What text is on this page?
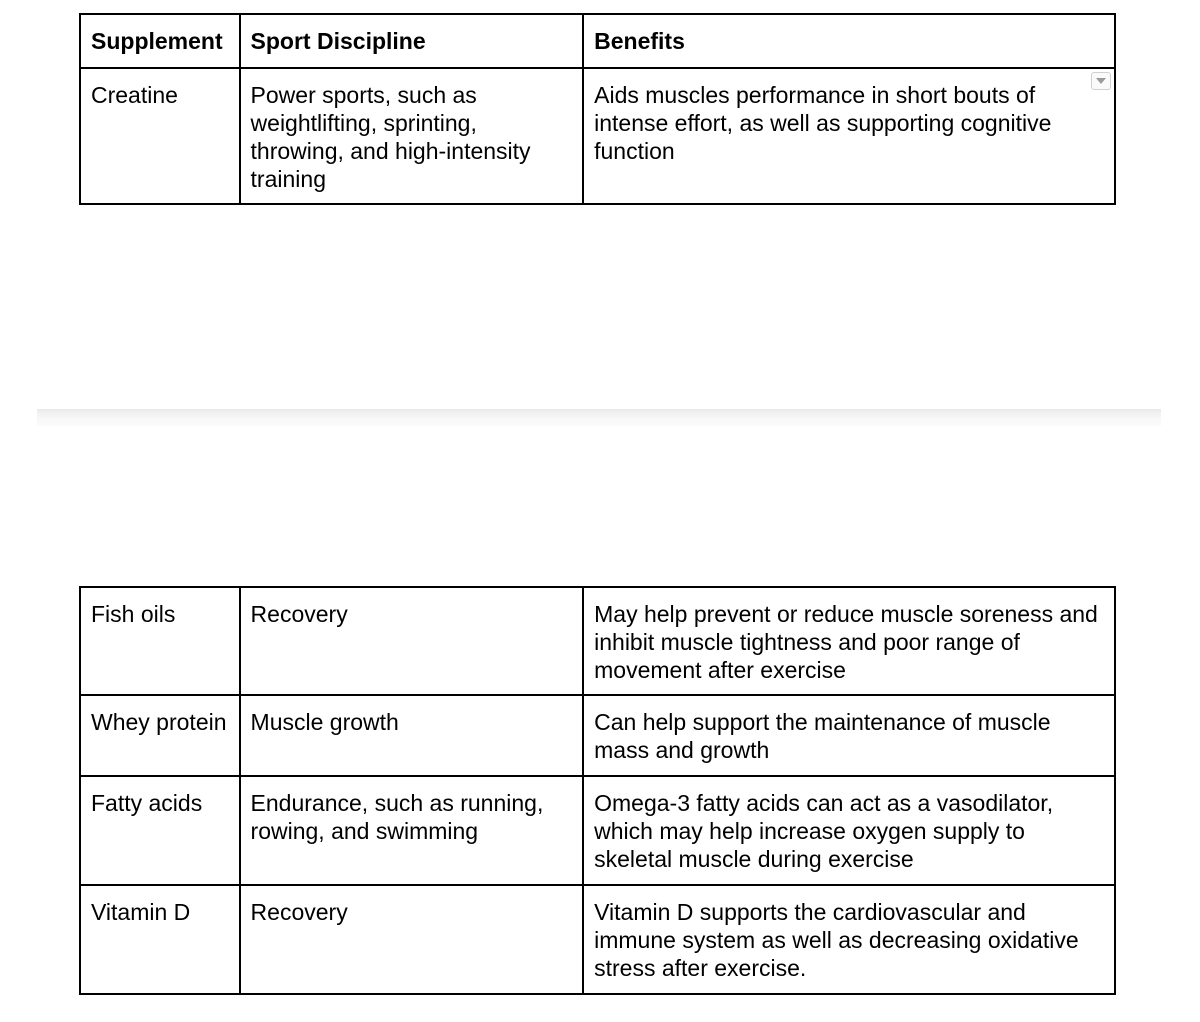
Supplement	Sport Discipline	Benefits
Creatine	Power sports, such as weightlifting, sprinting, throwing, and high-intensity training	Aids muscles performance in short bouts of intense effort, as well as supporting cognitive function
Fish oils	Recovery	May help prevent or reduce muscle soreness and inhibit muscle tightness and poor range of movement after exercise
Whey protein	Muscle growth	Can help support the maintenance of muscle mass and growth
Fatty acids	Endurance, such as running, rowing, and swimming	Omega-3 fatty acids can act as a vasodilator, which may help increase oxygen supply to skeletal muscle during exercise
Vitamin D	Recovery	Vitamin D supports the cardiovascular and immune system as well as decreasing oxidative stress after exercise.
